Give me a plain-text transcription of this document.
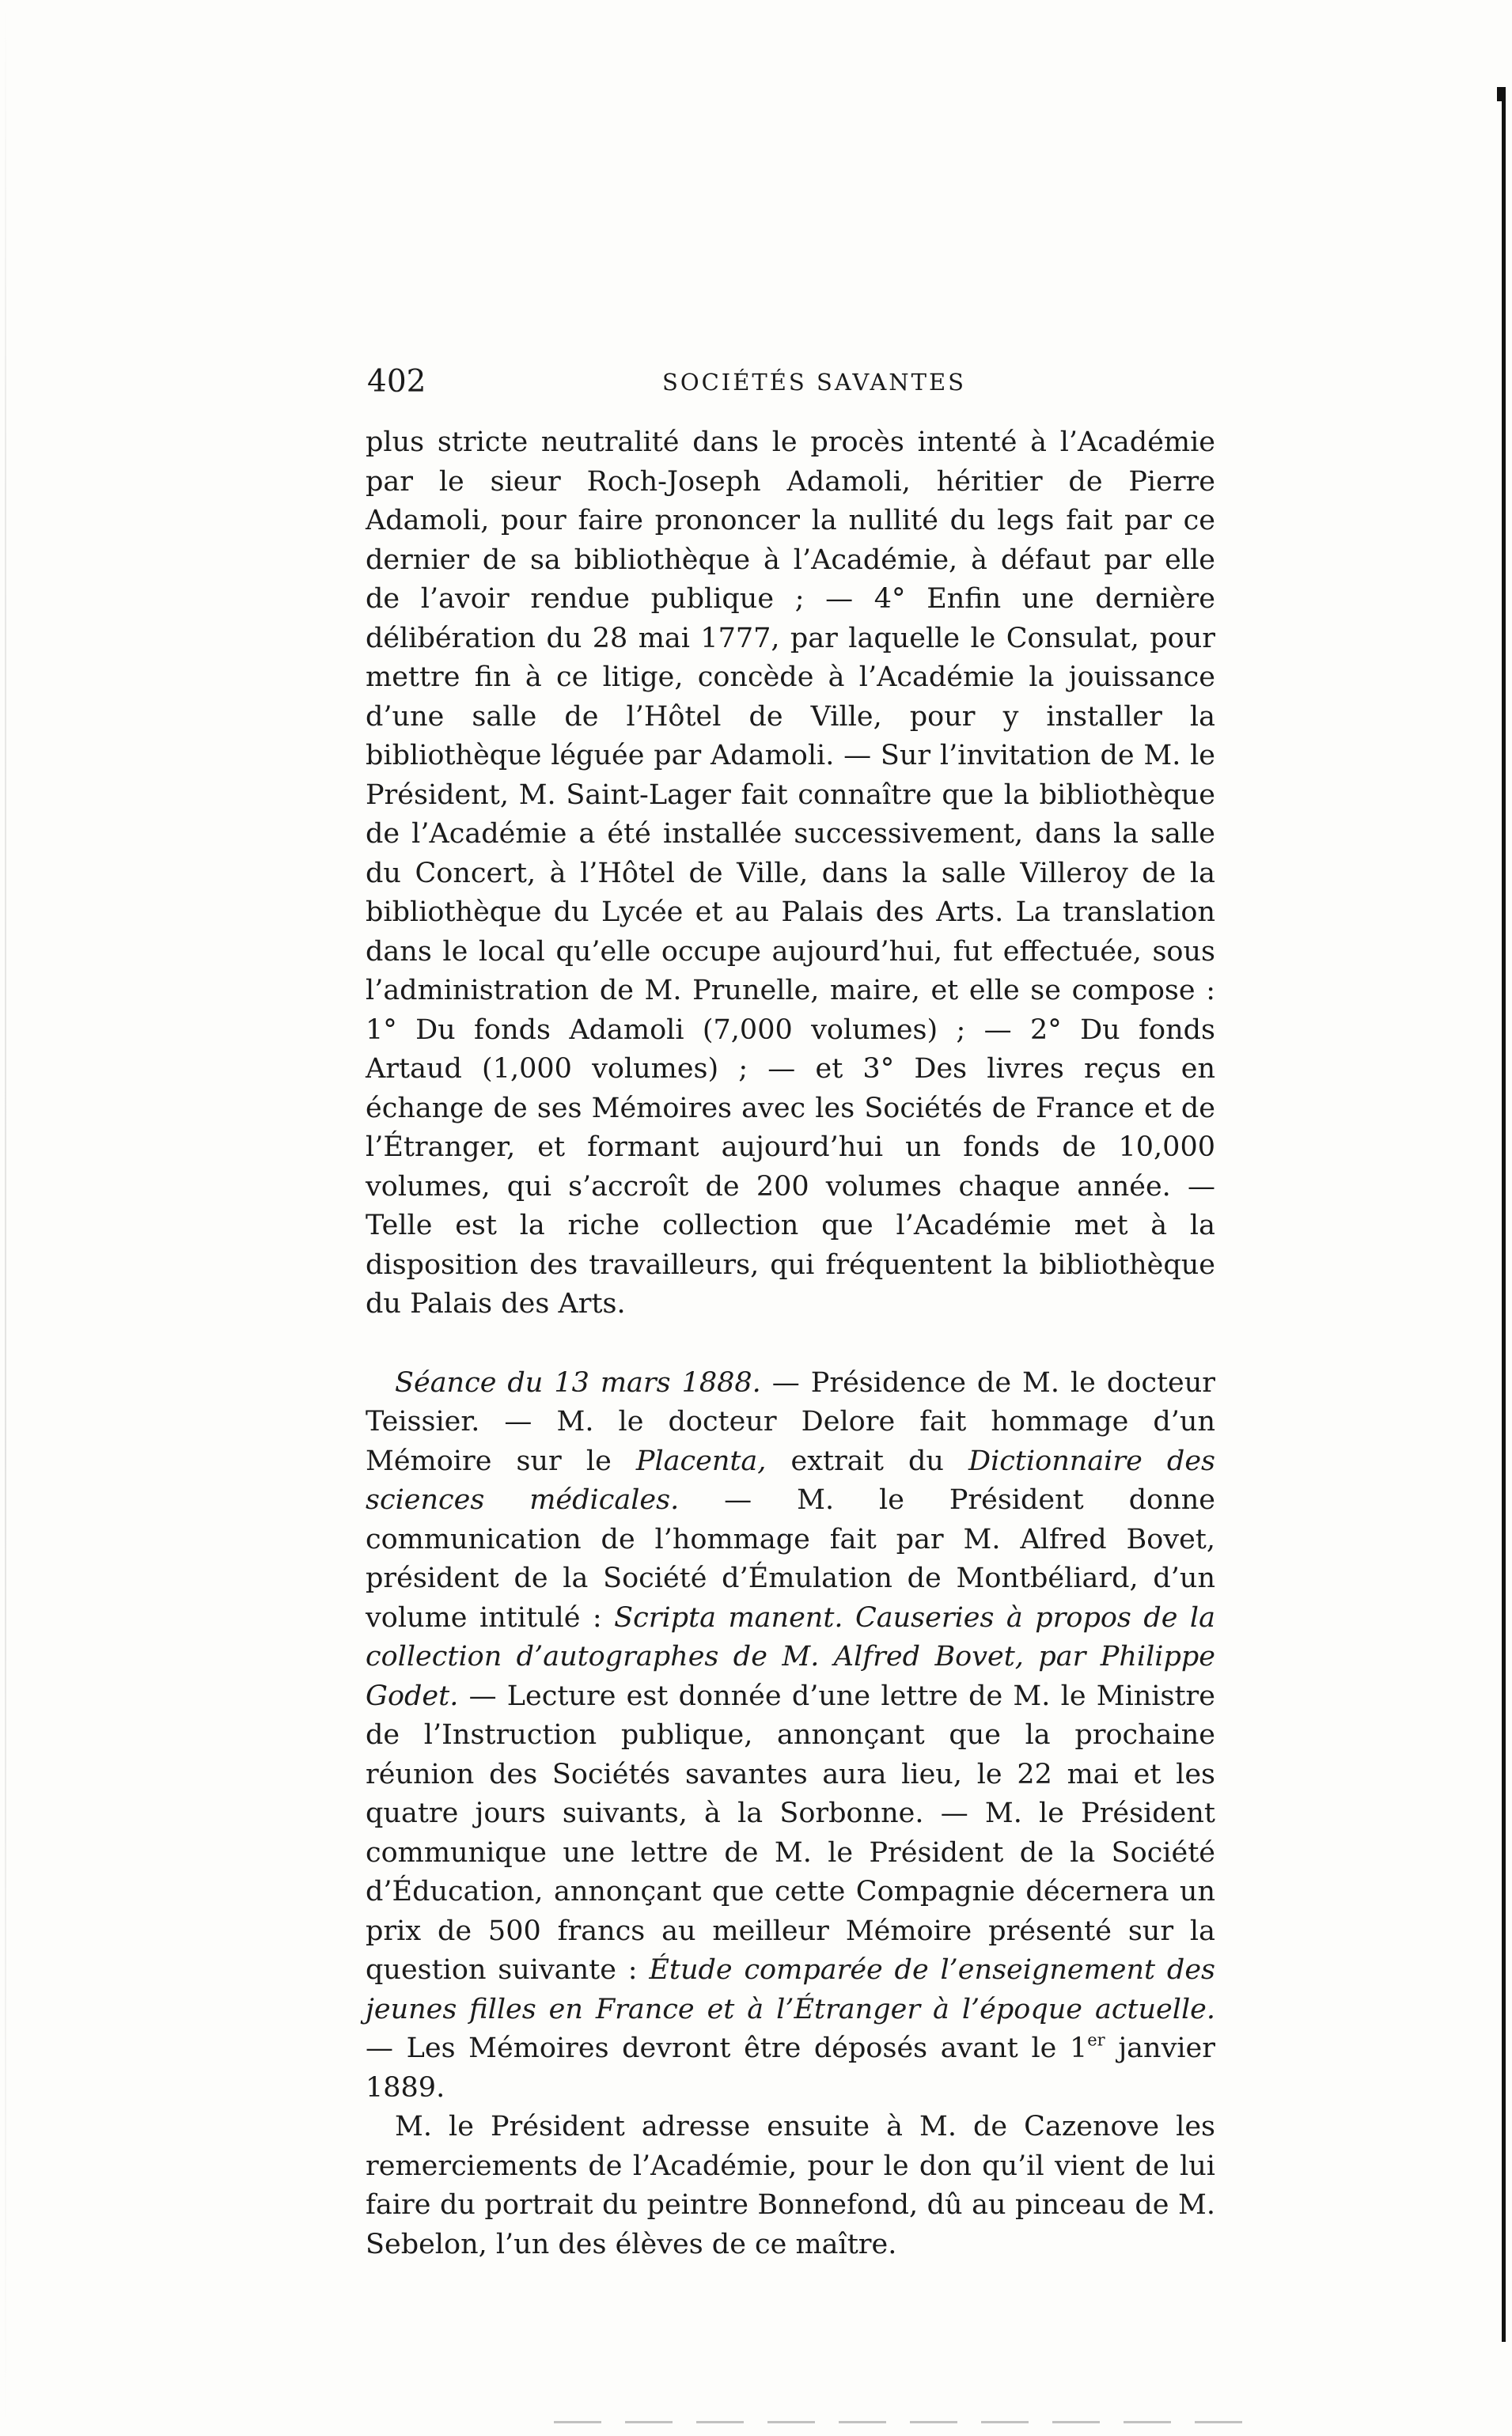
402	SOCIÉTÉS SAVANTES

plus stricte neutralité dans le procès intenté à l’Académie par le sieur Roch-Joseph Adamoli, héritier de Pierre Adamoli, pour faire prononcer la nullité du legs fait par ce dernier de sa bibliothèque à l’Académie, à défaut par elle de l’avoir rendue publique ; — 4° Enfin une dernière délibération du 28 mai 1777, par laquelle le Consulat, pour mettre fin à ce litige, concède à l’Académie la jouissance d’une salle de l’Hôtel de Ville, pour y installer la bibliothèque léguée par Adamoli. — Sur l’invitation de M. le Président, M. Saint-Lager fait connaître que la bibliothèque de l’Académie a été installée successivement, dans la salle du Concert, à l’Hôtel de Ville, dans la salle Villeroy de la bibliothèque du Lycée et au Palais des Arts. La translation dans le local qu’elle occupe aujourd’hui, fut effectuée, sous l’administration de M. Prunelle, maire, et elle se compose : 1° Du fonds Adamoli (7,000 volumes) ; — 2° Du fonds Artaud (1,000 volumes) ; — et 3° Des livres reçus en échange de ses Mémoires avec les Sociétés de France et de l’Étranger, et formant aujourd’hui un fonds de 10,000 volumes, qui s’accroît de 200 volumes chaque année. — Telle est la riche collection que l’Académie met à la disposition des travailleurs, qui fréquentent la bibliothèque du Palais des Arts.

Séance du 13 mars 1888. — Présidence de M. le docteur Teissier. — M. le docteur Delore fait hommage d’un Mémoire sur le Placenta, extrait du Dictionnaire des sciences médicales. — M. le Président donne communication de l’hommage fait par M. Alfred Bovet, président de la Société d’Émulation de Montbéliard, d’un volume intitulé : Scripta manent. Causeries à propos de la collection d’autographes de M. Alfred Bovet, par Philippe Godet. — Lecture est donnée d’une lettre de M. le Ministre de l’Instruction publique, annonçant que la prochaine réunion des Sociétés savantes aura lieu, le 22 mai et les quatre jours suivants, à la Sorbonne. — M. le Président communique une lettre de M. le Président de la Société d’Éducation, annonçant que cette Compagnie décernera un prix de 500 francs au meilleur Mémoire présenté sur la question suivante : Étude comparée de l’enseignement des jeunes filles en France et à l’Étranger à l’époque actuelle. — Les Mémoires devront être déposés avant le 1er janvier 1889.

M. le Président adresse ensuite à M. de Cazenove les remerciements de l’Académie, pour le don qu’il vient de lui faire du portrait du peintre Bonnefond, dû au pinceau de M. Sebelon, l’un des élèves de ce maître.
